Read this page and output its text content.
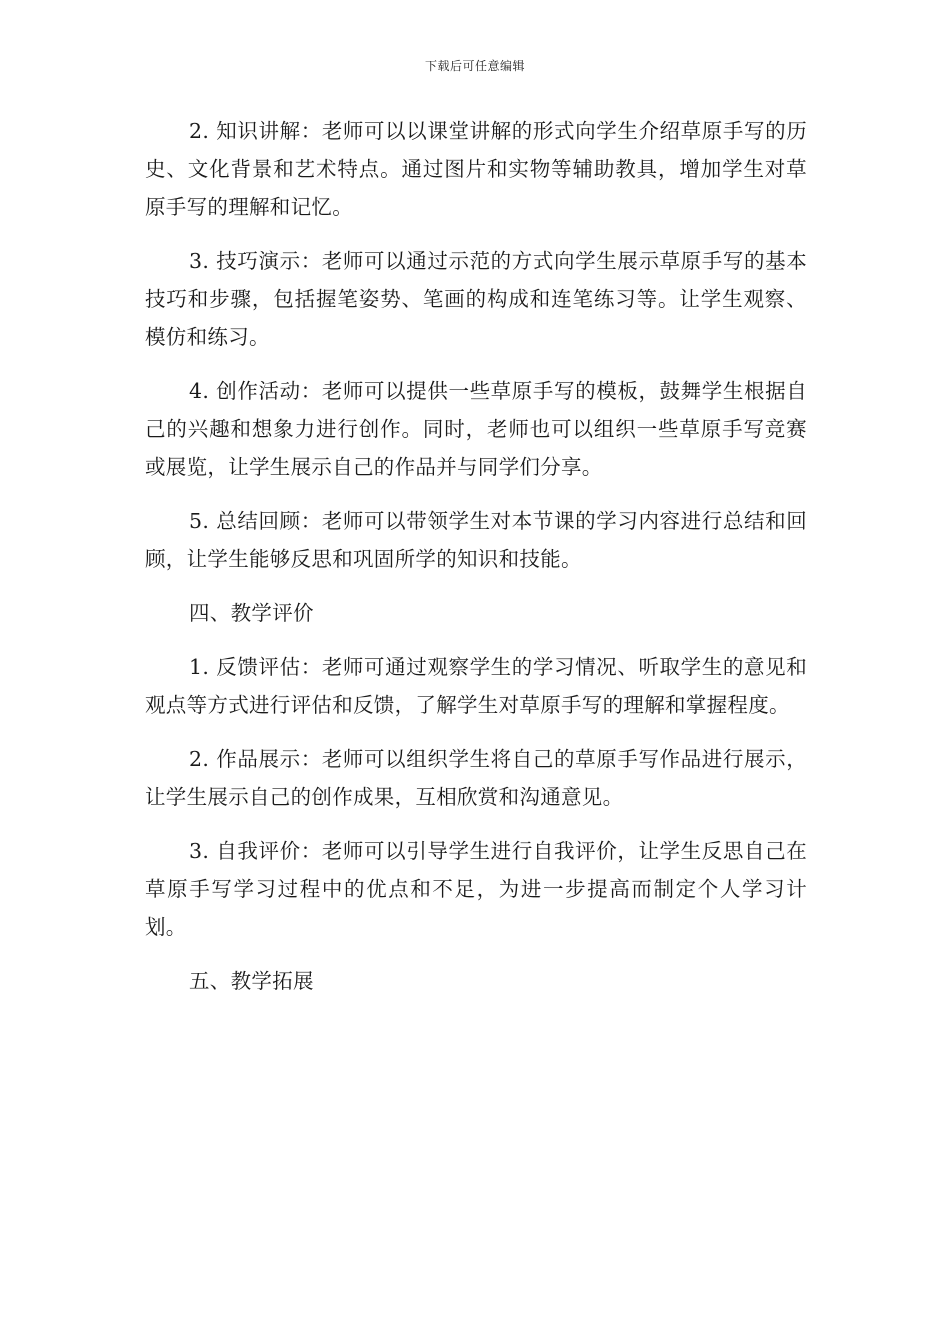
下载后可任意编辑

2. 知识讲解：老师可以以课堂讲解的形式向学生介绍草原手写的历史、文化背景和艺术特点。通过图片和实物等辅助教具，增加学生对草原手写的理解和记忆。

3. 技巧演示：老师可以通过示范的方式向学生展示草原手写的基本技巧和步骤，包括握笔姿势、笔画的构成和连笔练习等。让学生观察、模仿和练习。

4. 创作活动：老师可以提供一些草原手写的模板，鼓舞学生根据自己的兴趣和想象力进行创作。同时，老师也可以组织一些草原手写竞赛或展览，让学生展示自己的作品并与同学们分享。

5. 总结回顾：老师可以带领学生对本节课的学习内容进行总结和回顾，让学生能够反思和巩固所学的知识和技能。

四、教学评价

1. 反馈评估：老师可通过观察学生的学习情况、听取学生的意见和观点等方式进行评估和反馈，了解学生对草原手写的理解和掌握程度。

2. 作品展示：老师可以组织学生将自己的草原手写作品进行展示，让学生展示自己的创作成果，互相欣赏和沟通意见。

3. 自我评价：老师可以引导学生进行自我评价，让学生反思自己在草原手写学习过程中的优点和不足，为进一步提高而制定个人学习计划。

五、教学拓展
